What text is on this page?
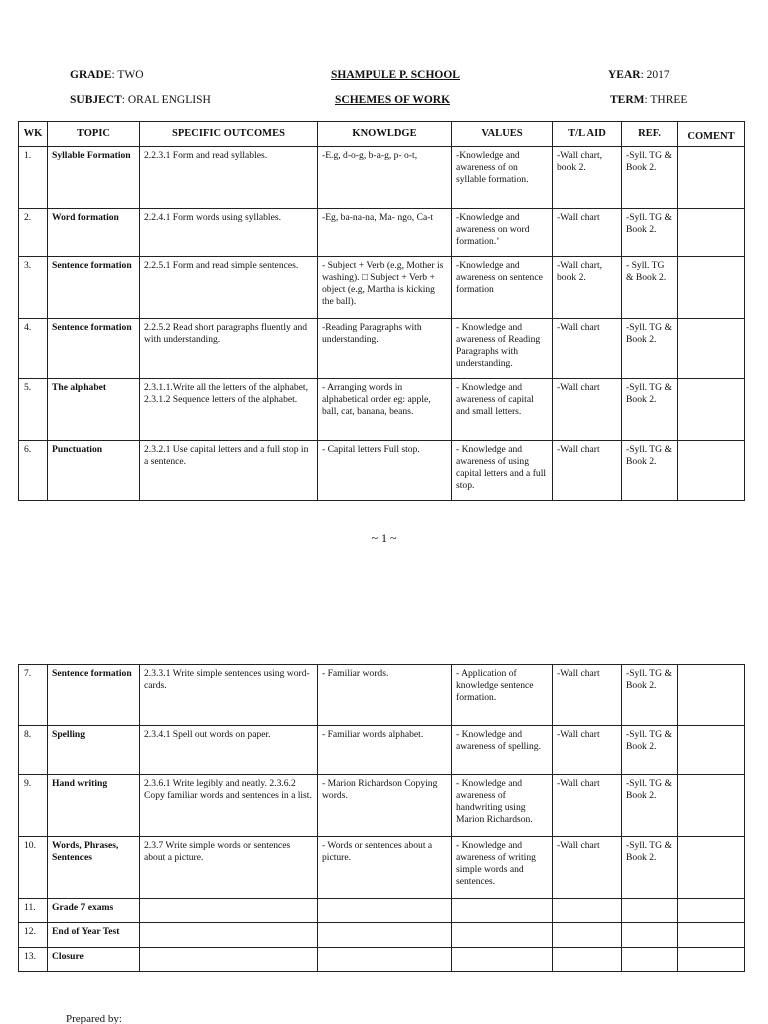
GRADE: TWO	SHAMPULE P. SCHOOL	YEAR: 2017
SUBJECT: ORAL ENGLISH	SCHEMES OF WORK	TERM: THREE
WK	TOPIC	SPECIFIC OUTCOMES	KNOWLDGE	VALUES	T/L AID	REF.	COMENT
1.	Syllable Formation	2.2.3.1 Form and read syllables.	-E.g, d-o-g, b-a-g, p- o-t,	-Knowledge and awareness of on syllable formation.	-Wall chart, book 2.	-Syll. TG & Book 2.	
2.	Word formation	2.2.4.1 Form words using syllables.	-Eg, ba-na-na, Ma- ngo, Ca-t	-Knowledge and awareness on word formation.’	-Wall chart	-Syll. TG & Book 2.	
3.	Sentence formation	2.2.5.1 Form and read simple sentences.	- Subject + Verb (e.g, Mother is washing). □ Subject + Verb + object (e.g, Martha is kicking the ball).	-Knowledge and awareness on sentence formation	-Wall chart, book 2.	- Syll. TG & Book 2.	
4.	Sentence formation	2.2.5.2 Read short paragraphs fluently and with understanding.	-Reading Paragraphs with understanding.	- Knowledge and awareness of Reading Paragraphs with understanding.	-Wall chart	-Syll. TG & Book 2.	
5.	The alphabet	2.3.1.1.Write all the letters of the alphabet, 2.3.1.2 Sequence letters of the alphabet.	- Arranging words in alphabetical order eg: apple, ball, cat, banana, beans.	- Knowledge and awareness of capital and small letters.	-Wall chart	-Syll. TG & Book 2.	
6.	Punctuation	2.3.2.1 Use capital letters and a full stop in a sentence.	- Capital letters Full stop.	- Knowledge and awareness of using capital letters and a full stop.	-Wall chart	-Syll. TG & Book 2.	
~ 1 ~
7.	Sentence formation	2.3.3.1 Write simple sentences using word- cards.	- Familiar words.	- Application of knowledge sentence formation.	-Wall chart	-Syll. TG & Book 2.	
8.	Spelling	2.3.4.1 Spell out words on paper.	- Familiar words alphabet.	- Knowledge and awareness of spelling.	-Wall chart	-Syll. TG & Book 2.	
9.	Hand writing	2.3.6.1 Write legibly and neatly. 2.3.6.2 Copy familiar words and sentences in a list.	- Marion Richardson Copying words.	- Knowledge and awareness of handwriting using Marion Richardson.	-Wall chart	-Syll. TG & Book 2.	
10.	Words, Phrases, Sentences	2.3.7 Write simple words or sentences about a picture.	- Words or sentences about a picture.	- Knowledge and awareness of writing simple words and sentences.	-Wall chart	-Syll. TG & Book 2.	
11.	Grade 7 exams						
12.	End of Year Test						
13.	Closure						
Prepared by:
